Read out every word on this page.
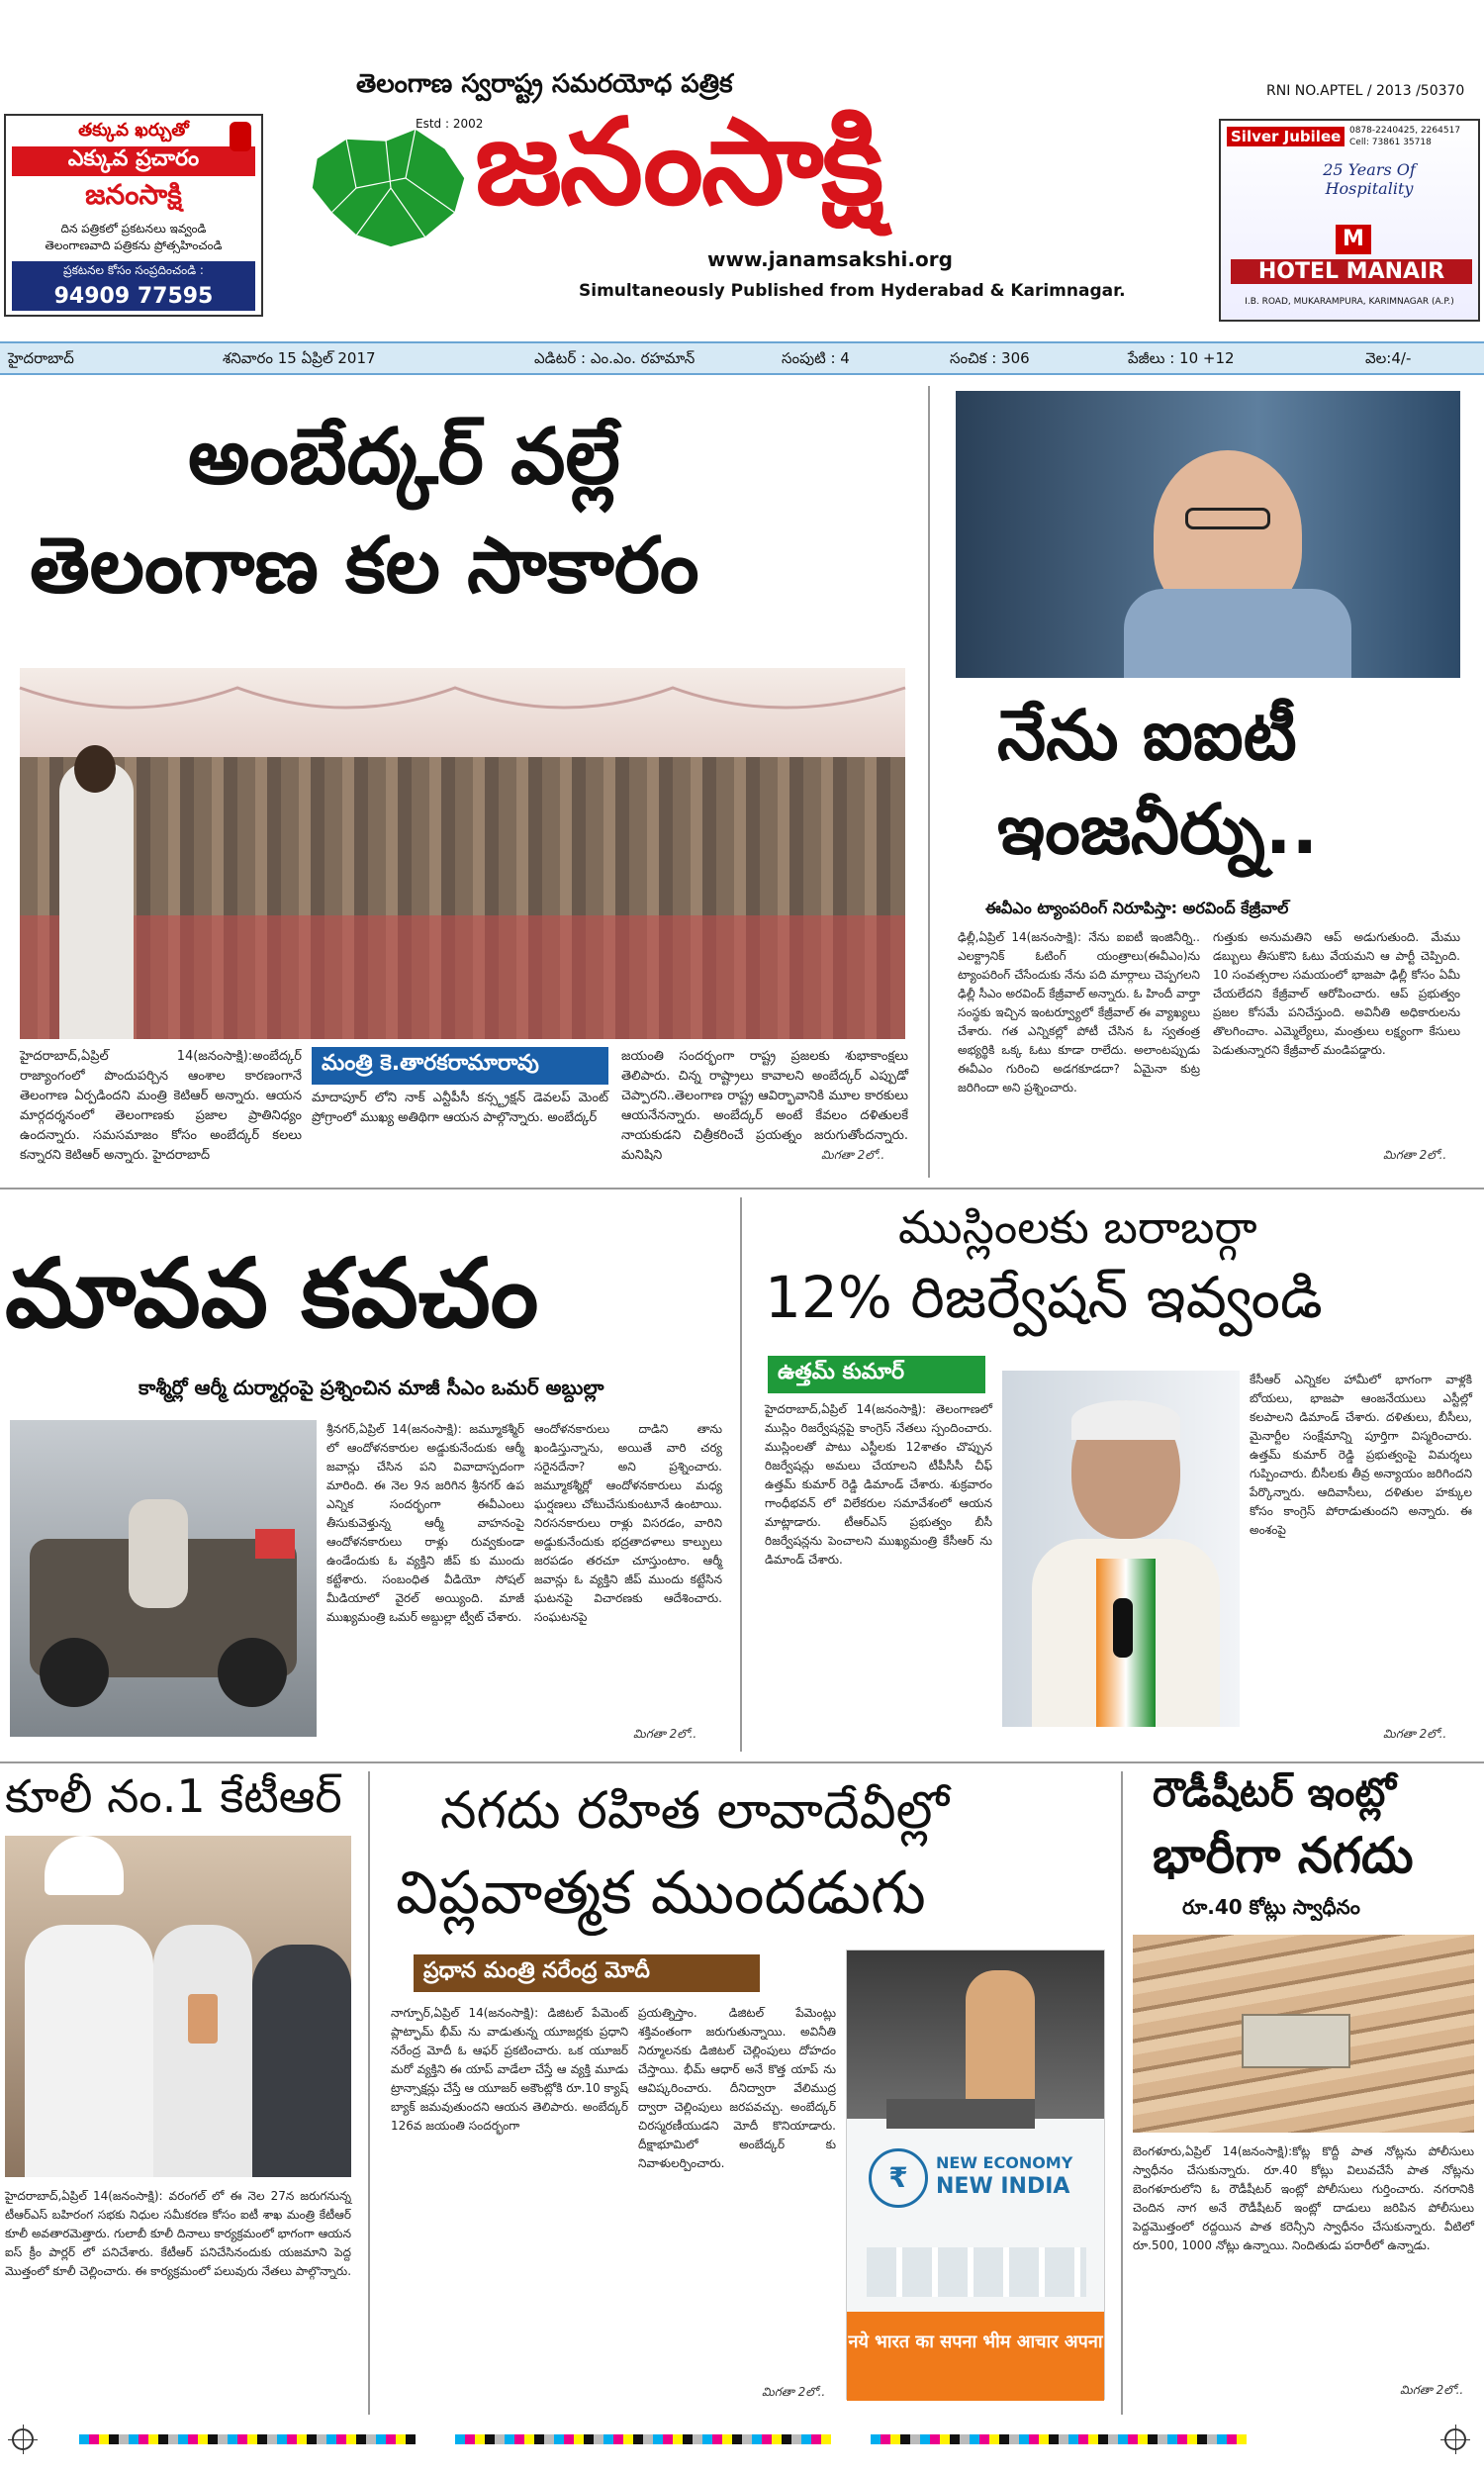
తక్కువ ఖర్చుతో
ఎక్కువ ప్రచారం
జనంసాక్షి
దిన పత్రికలో ప్రకటనలు ఇవ్వండి
తెలంగాణవాది పత్రికను ప్రోత్సహించండి
ప్రకటనల కోసం సంప్రదించండి :
94909 77595
తెలంగాణ స్వరాష్ట్ర సమరయోధ పత్రిక
Estd : 2002
జనంసాక్షి
www.janamsakshi.org
Simultaneously Published from Hyderabad & Karimnagar.
RNI NO.APTEL / 2013 /50370
Silver Jubilee 0878-2240425, 2264517 Cell: 73861 35718
25 Years Of Hospitality
M
HOTEL MANAIR
I.B. ROAD, MUKARAMPURA, KARIMNAGAR (A.P.)
హైదరాబాద్	శనివారం 15 ఏప్రిల్ 2017	ఎడిటర్ : ఎం.ఎం. రహమాన్	సంపుటి : 4	సంచిక : 306	పేజీలు : 10 +12	వెల:4/-
అంబేద్కర్ వల్లే
తెలంగాణ కల సాకారం
హైదరాబాద్,ఏప్రిల్ 14(జనంసాక్షి):అంబేద్కర్ రాజ్యాంగంలో పొందుపర్చిన ఆంశాల కారణంగానే తెలంగాణ ఏర్పడిందని మంత్రి కెటిఆర్ అన్నారు. ఆయన మార్గదర్శనంలో తెలంగాణకు ప్రజాల ప్రాతినిధ్యం ఉందన్నారు. సమసమాజం కోసం అంబేద్కర్ కలలు కన్నారని కెటిఆర్ అన్నారు. హైదరాబాద్
మంత్రి కె.తారకరామారావు
మాదాపూర్ లోని నాక్ ఎన్టీపీసీ కన్స్ట్రక్షన్ డెవలప్ మెంట్ ప్రోగ్రాంలో ముఖ్య అతిథిగా ఆయన పాల్గొన్నారు. అంబేద్కర్
జయంతి సందర్భంగా రాష్ట్ర ప్రజలకు శుభాకాంక్షలు తెలిపారు. చిన్న రాష్ట్రాలు కావాలని అంబేద్కర్ ఎప్పుడో చెప్పారని..తెలంగాణ రాష్ట్ర ఆవిర్భావానికి మూల కారకులు ఆయనేనన్నారు. అంబేద్కర్ అంటే కేవలం దళితులకే నాయకుడని చిత్రీకరించే ప్రయత్నం జరుగుతోందన్నారు. మనిషిని	మిగతా 2లో..
నేను ఐఐటీ
ఇంజనీర్ను..
ఈవీఎం ట్యాంపరింగ్ నిరూపిస్తా: అరవింద్ కేజ్రీవాల్
ఢిల్లీ,ఏప్రిల్ 14(జనంసాక్షి): నేను ఐఐటీ ఇంజినీర్ని.. ఎలక్ట్రానిక్ ఓటింగ్ యంత్రాలు(ఈవీఎం)ను ట్యాంపరింగ్ చేసేందుకు నేను పది మార్గాలు చెప్పగలని ఢిల్లీ సీఎం అరవింద్ కేజ్రీవాల్ అన్నారు. ఓ హిందీ వార్తా సంస్థకు ఇచ్చిన ఇంటర్వ్యూలో కేజ్రీవాల్ ఈ వ్యాఖ్యలు చేశారు. గత ఎన్నికల్లో పోటీ చేసిన ఓ స్వతంత్ర అభ్యర్థికి ఒక్క ఓటు కూడా రాలేదు. అలాంటప్పుడు ఈవీఎం గురించి అడగకూడదా? ఏమైనా కుట్ర జరిగిందా అని ప్రశ్నించారు.
గుత్తుకు అనుమతిని ఆప్ అడుగుతుంది. మేము డబ్బులు తీసుకొని ఓటు వేయమని ఆ పార్టీ చెప్పింది. 10 సంవత్సరాల సమయంలో భాజపా ఢిల్లీ కోసం ఏమీ చేయలేదని కేజ్రీవాల్ ఆరోపించారు. ఆప్ ప్రభుత్వం ప్రజల కోసమే పనిచేస్తుంది. అవినీతి అధికారులను తొలగించాం. ఎమ్మెల్యేలు, మంత్రులు లక్ష్యంగా కేసులు పెడుతున్నారని కేజ్రీవాల్ మండిపడ్డారు.
మిగతా 2లో..
మావవ కవచం
కాశ్మీర్లో ఆర్మీ దుర్మార్గంపై ప్రశ్నించిన మాజీ సీఎం ఒమర్ అబ్దుల్లా
శ్రీనగర్,ఏప్రిల్ 14(జనంసాక్షి): జమ్మూకశ్మీర్ లో ఆందోళనకారుల అడ్డుకునేందుకు ఆర్మీ జవాన్లు చేసిన పని వివాదాస్పదంగా మారింది. ఈ నెల 9న జరిగిన శ్రీనగర్ ఉప ఎన్నిక సందర్భంగా ఈవీఎంలు తీసుకువెళ్తున్న ఆర్మీ వాహనంపై ఆందోళనకారులు రాళ్లు రువ్వకుండా ఉండేందుకు ఓ వ్యక్తిని జీప్ కు ముందు కట్టేశారు. సంబంధిత వీడియో సోషల్ మీడియాలో వైరల్ అయ్యింది. మాజీ ముఖ్యమంత్రి ఒమర్ అబ్దుల్లా ట్వీట్ చేశారు.
ఆందోళనకారులు దాడిని తాను ఖండిస్తున్నాను, అయితే వారి చర్య సరైనదేనా? అని ప్రశ్నించారు. జమ్మూకశ్మీర్లో ఆందోళనకారులు మధ్య ఘర్షణలు చోటుచేసుకుంటూనే ఉంటాయి. నిరసనకారులు రాళ్లు విసరడం, వారిని అడ్డుకునేందుకు భద్రతాదళాలు కాల్పులు జరపడం తరచూ చూస్తుంటాం. ఆర్మీ జవాన్లు ఓ వ్యక్తిని జీప్ ముందు కట్టేసిన ఘటనపై విచారణకు ఆదేశించారు. సంఘటనపై
మిగతా 2లో..
ముస్లింలకు బరాబర్గా
12% రిజర్వేషన్ ఇవ్వండి
ఉత్తమ్ కుమార్
హైదరాబాద్,ఏప్రిల్ 14(జనంసాక్షి): తెలంగాణలో ముస్లిం రిజర్వేషన్లపై కాంగ్రెస్ నేతలు స్పందించారు. ముస్లింలతో పాటు ఎస్టీలకు 12శాతం చొప్పున రిజర్వేషన్లు అమలు చేయాలని టీపీసీసీ చీఫ్ ఉత్తమ్ కుమార్ రెడ్డి డిమాండ్ చేశారు. శుక్రవారం గాంధీభవన్ లో విలేకరుల సమావేశంలో ఆయన మాట్లాడారు. టీఆర్ఎస్ ప్రభుత్వం బీసీ రిజర్వేషన్లను పెంచాలని ముఖ్యమంత్రి కేసీఆర్ ను డిమాండ్ చేశారు.
కేసీఆర్ ఎన్నికల హామీలో భాగంగా వాళ్లకి బోయలు, భాజపా ఆంజనేయులు ఎస్టీల్లో కలపాలని డిమాండ్ చేశారు. దళితులు, బీసీలు, మైనార్టీల సంక్షేమాన్ని పూర్తిగా విస్మరించారు. ఉత్తమ్ కుమార్ రెడ్డి ప్రభుత్వంపై విమర్శలు గుప్పించారు. బీసీలకు తీవ్ర అన్యాయం జరిగిందని పేర్కొన్నారు. ఆదివాసీలు, దళితుల హక్కుల కోసం కాంగ్రెస్ పోరాడుతుందని అన్నారు. ఈ అంశంపై
మిగతా 2లో..
కూలీ నం.1 కేటీఆర్
హైదరాబాద్,ఏప్రిల్ 14(జనంసాక్షి): వరంగల్ లో ఈ నెల 27న జరుగనున్న టీఆర్ఎస్ బహిరంగ సభకు నిధుల సమీకరణ కోసం ఐటీ శాఖ మంత్రి కేటీఆర్ కూలీ అవతారమెత్తారు. గులాబీ కూలీ దినాలు కార్యక్రమంలో భాగంగా ఆయన ఐస్ క్రీం పార్లర్ లో పనిచేశారు. కేటీఆర్ పనిచేసినందుకు యజమాని పెద్ద మొత్తంలో కూలీ చెల్లించారు. ఈ కార్యక్రమంలో పలువురు నేతలు పాల్గొన్నారు.
నగదు రహిత లావాదేవీల్లో
విప్లవాత్మక ముందడుగు
ప్రధాన మంత్రి నరేంద్ర మోదీ
నాగ్పూర్,ఏప్రిల్ 14(జనంసాక్షి): డిజిటల్ పేమెంట్ ప్లాట్ఫామ్ భీమ్ ను వాడుతున్న యూజర్లకు ప్రధాని నరేంద్ర మోదీ ఓ ఆఫర్ ప్రకటించారు. ఒక యూజర్ మరో వ్యక్తిని ఈ యాప్ వాడేలా చేస్తే ఆ వ్యక్తి మూడు ట్రాన్సాక్షన్లు చేస్తే ఆ యూజర్ అకౌంట్లోకి రూ.10 క్యాష్ బ్యాక్ జమవుతుందని ఆయన తెలిపారు. అంబేద్కర్ 126వ జయంతి సందర్భంగా
ప్రయత్నిస్తాం. డిజిటల్ పేమెంట్లు శక్తివంతంగా జరుగుతున్నాయి. అవినీతి నిర్మూలనకు డిజిటల్ చెల్లింపులు దోహదం చేస్తాయి. భీమ్ ఆధార్ అనే కొత్త యాప్ ను ఆవిష్కరించారు. దీనిద్వారా వేలిముద్ర ద్వారా చెల్లింపులు జరపవచ్చు. అంబేద్కర్ చిరస్మరణీయుడని మోదీ కొనియాడారు. దీక్షాభూమిలో అంబేద్కర్ కు నివాళులర్పించారు.
మిగతా 2లో..
₹	NEW ECONOMY
NEW INDIA
नये भारत का सपना भीम आचार अपना
రౌడీషీటర్ ఇంట్లో
భారీగా నగదు
రూ.40 కోట్లు స్వాధీనం
బెంగళూరు,ఏప్రిల్ 14(జనంసాక్షి):కోట్ల కొద్దీ పాత నోట్లను పోలీసులు స్వాధీనం చేసుకున్నారు. రూ.40 కోట్లు విలువచేసే పాత నోట్లను బెంగళూరులోని ఓ రౌడీషీటర్ ఇంట్లో పోలీసులు గుర్తించారు. నగరానికి చెందిన నాగ అనే రౌడీషీటర్ ఇంట్లో దాడులు జరిపిన పోలీసులు పెద్దమొత్తంలో రద్దయిన పాత కరెన్సీని స్వాధీనం చేసుకున్నారు. వీటిలో రూ.500, 1000 నోట్లు ఉన్నాయి. నిందితుడు పరారీలో ఉన్నాడు.
మిగతా 2లో..
